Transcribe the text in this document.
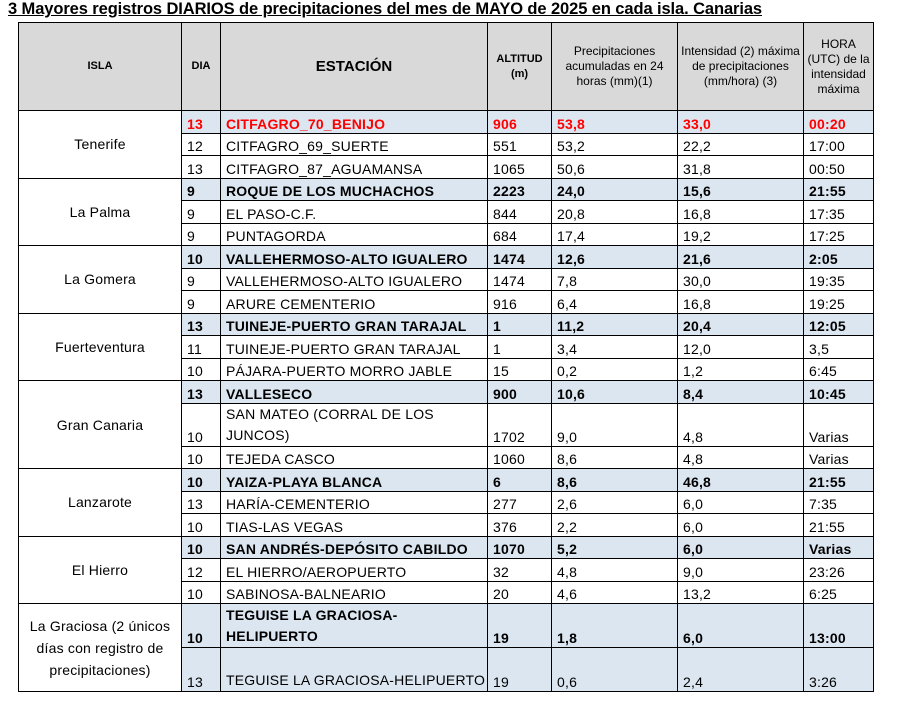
3 Mayores registros DIARIOS de precipitaciones del mes de MAYO de 2025 en cada isla. Canarias
ISLA	DIA	ESTACIÓN	ALTITUD (m)	Precipitaciones acumuladas en 24 horas (mm)(1)	Intensidad (2) máxima de precipitaciones (mm/hora) (3)	HORA (UTC) de la intensidad máxima
Tenerife	13	CITFAGRO_70_BENIJO	906	53,8	33,0	00:20
	12	CITFAGRO_69_SUERTE	551	53,2	22,2	17:00
	13	CITFAGRO_87_AGUAMANSA	1065	50,6	31,8	00:50
La Palma	9	ROQUE DE LOS MUCHACHOS	2223	24,0	15,6	21:55
	9	EL PASO-C.F.	844	20,8	16,8	17:35
	9	PUNTAGORDA	684	17,4	19,2	17:25
La Gomera	10	VALLEHERMOSO-ALTO IGUALERO	1474	12,6	21,6	2:05
	9	VALLEHERMOSO-ALTO IGUALERO	1474	7,8	30,0	19:35
	9	ARURE CEMENTERIO	916	6,4	16,8	19:25
Fuerteventura	13	TUINEJE-PUERTO GRAN TARAJAL	1	11,2	20,4	12:05
	11	TUINEJE-PUERTO GRAN TARAJAL	1	3,4	12,0	3,5
	10	PÁJARA-PUERTO MORRO JABLE	15	0,2	1,2	6:45
Gran Canaria	13	VALLESECO	900	10,6	8,4	10:45
	10	SAN MATEO (CORRAL DE LOS JUNCOS)	1702	9,0	4,8	Varias
	10	TEJEDA CASCO	1060	8,6	4,8	Varias
Lanzarote	10	YAIZA-PLAYA BLANCA	6	8,6	46,8	21:55
	13	HARÍA-CEMENTERIO	277	2,6	6,0	7:35
	10	TIAS-LAS VEGAS	376	2,2	6,0	21:55
El Hierro	10	SAN ANDRÉS-DEPÓSITO CABILDO	1070	5,2	6,0	Varias
	12	EL HIERRO/AEROPUERTO	32	4,8	9,0	23:26
	10	SABINOSA-BALNEARIO	20	4,6	13,2	6:25
La Graciosa (2 únicos días con registro de precipitaciones)	10	TEGUISE LA GRACIOSA-HELIPUERTO	19	1,8	6,0	13:00
	13	TEGUISE LA GRACIOSA-HELIPUERTO	19	0,6	2,4	3:26
